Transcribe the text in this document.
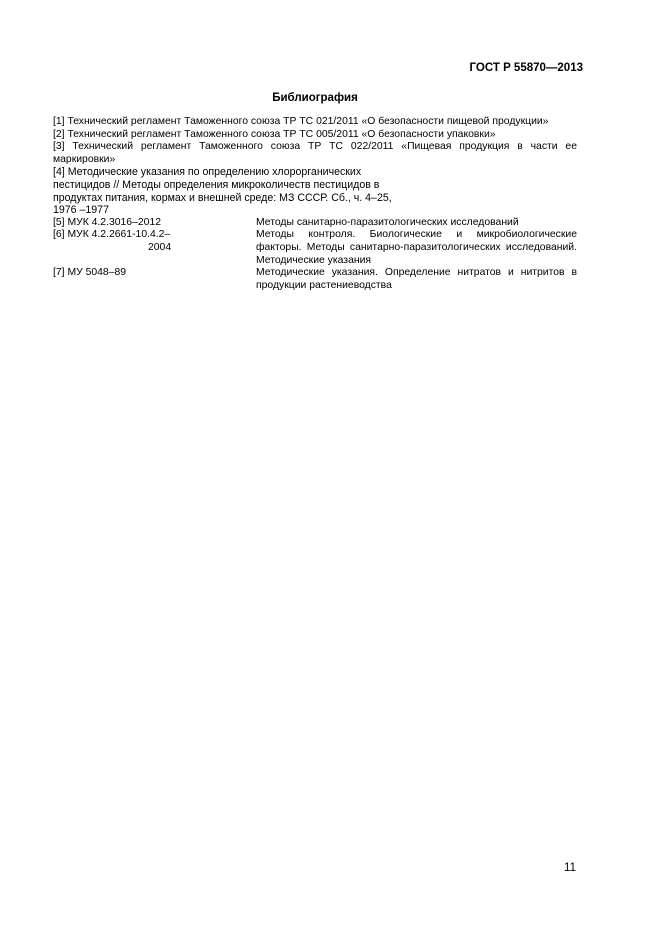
ГОСТ Р 55870—2013
Библиография
[1] Технический регламент Таможенного союза ТР ТС 021/2011 «О безопасности пищевой продукции»
[2] Технический регламент Таможенного союза ТР ТС 005/2011 «О безопасности упаковки»
[3] Технический регламент Таможенного союза ТР ТС 022/2011 «Пищевая продукция в части ее маркировки»
[4] Методические указания по определению хлорорганических
пестицидов // Методы определения микроколичеств пестицидов в
продуктах питания, кормах и внешней среде: МЗ СССР. Сб., ч. 4–25,
1976 –1977
[5] МУК 4.2.3016–2012	Методы санитарно-паразитологических исследований
[6] МУК 4.2.2661-10.4.2–
2004
Методы контроля. Биологические и микробиологические факторы. Методы санитарно-паразитологических исследований. Методические указания
[7] МУ 5048–89	Методические указания. Определение нитратов и нитритов в продукции растениеводства
11
